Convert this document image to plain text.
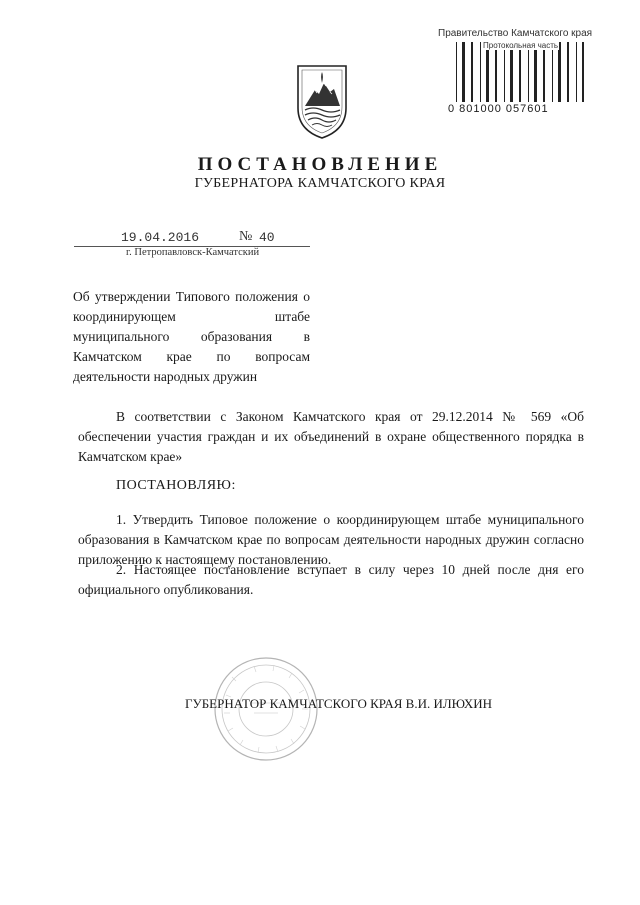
Правительство Камчатского края
Протокольная часть
0 801000 057601
ПОСТАНОВЛЕНИЕ
ГУБЕРНАТОРА КАМЧАТСКОГО КРАЯ
19.04.2016	№ 40
г. Петропавловск-Камчатский
Об утверждении Типового положения о координирующем штабе муниципального образования в Камчатском крае по вопросам деятельности народных дружин
В соответствии с Законом Камчатского края от 29.12.2014 № 569 «Об обеспечении участия граждан и их объединений в охране общественного порядка в Камчатском крае»
ПОСТАНОВЛЯЮ:
1. Утвердить Типовое положение о координирующем штабе муниципального образования в Камчатском крае по вопросам деятельности народных дружин согласно приложению к настоящему постановлению.
2. Настоящее постановление вступает в силу через 10 дней после дня его официального опубликования.
ГУБЕРНАТОР КАМЧАТСКОГО КРАЯ В.И. ИЛЮХИН
